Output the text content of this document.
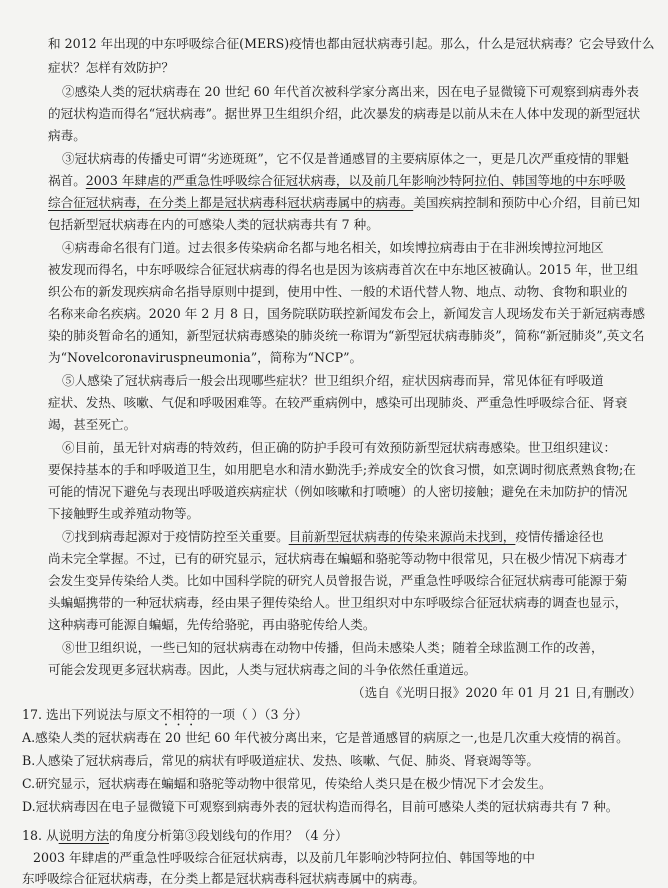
和 2012 年出现的中东呼吸综合征(MERS)疫情也都由冠状病毒引起。那么，什么是冠状病毒？它会导致什么
症状？怎样有效防护？
②感染人类的冠状病毒在 20 世纪 60 年代首次被科学家分离出来，因在电子显微镜下可观察到病毒外表
的冠状构造而得名“冠状病毒”。据世界卫生组织介绍，此次暴发的病毒是以前从未在人体中发现的新型冠状
病毒。
③冠状病毒的传播史可谓“劣迹斑斑”，它不仅是普通感冒的主要病原体之一，更是几次严重疫情的罪魁
祸首。2003 年肆虐的严重急性呼吸综合征冠状病毒，以及前几年影响沙特阿拉伯、韩国等地的中东呼吸
综合征冠状病毒，在分类上都是冠状病毒科冠状病毒属中的病毒。美国疾病控制和预防中心介绍，目前已知
包括新型冠状病毒在内的可感染人类的冠状病毒共有 7 种。
④病毒命名很有门道。过去很多传染病命名都与地名相关，如埃博拉病毒由于在非洲埃博拉河地区
被发现而得名，中东呼吸综合征冠状病毒的得名也是因为该病毒首次在中东地区被确认。2015 年，世卫组
织公布的新发现疾病命名指导原则中提到，使用中性、一般的术语代替人物、地点、动物、食物和职业的
名称来命名疾病。2020 年 2 月 8 日，国务院联防联控新闻发布会上，新闻发言人现场发布关于新冠病毒感
染的肺炎暂命名的通知，新型冠状病毒感染的肺炎统一称谓为“新型冠状病毒肺炎”，简称“新冠肺炎”,英文名
为“Novelcoronaviruspneumonia”，简称为“NCP”。
⑤人感染了冠状病毒后一般会出现哪些症状？世卫组织介绍，症状因病毒而异，常见体征有呼吸道
症状、发热、咳嗽、气促和呼吸困难等。在较严重病例中，感染可出现肺炎、严重急性呼吸综合征、肾衰
竭，甚至死亡。
⑥目前，虽无针对病毒的特效药，但正确的防护手段可有效预防新型冠状病毒感染。世卫组织建议：
要保持基本的手和呼吸道卫生，如用肥皂水和清水勤洗手;养成安全的饮食习惯，如烹调时彻底煮熟食物;在
可能的情况下避免与表现出呼吸道疾病症状（例如咳嗽和打喷嚏）的人密切接触；避免在未加防护的情况
下接触野生或养殖动物等。
⑦找到病毒起源对于疫情防控至关重要。目前新型冠状病毒的传染来源尚未找到，疫情传播途径也
尚未完全掌握。不过，已有的研究显示，冠状病毒在蝙蝠和骆驼等动物中很常见，只在极少情况下病毒才
会发生变异传染给人类。比如中国科学院的研究人员曾报告说，严重急性呼吸综合征冠状病毒可能源于菊
头蝙蝠携带的一种冠状病毒，经由果子狸传染给人。世卫组织对中东呼吸综合征冠状病毒的调查也显示，
这种病毒可能源自蝙蝠，先传给骆驼，再由骆驼传给人类。
⑧世卫组织说，一些已知的冠状病毒在动物中传播，但尚未感染人类；随着全球监测工作的改善，
可能会发现更多冠状病毒。因此，人类与冠状病毒之间的斗争依然任重道远。
（选自《光明日报》2020 年 01 月 21 日,有删改）
17. 选出下列说法与原文不相符的一项（ ）（3 分）
A.感染人类的冠状病毒在 20 世纪 60 年代被分离出来，它是普通感冒的病原之一,也是几次重大疫情的祸首。
B.人感染了冠状病毒后，常见的病状有呼吸道症状、发热、咳嗽、气促、肺炎、肾衰竭等等。
C.研究显示，冠状病毒在蝙蝠和骆驼等动物中很常见，传染给人类只是在极少情况下才会发生。
D.冠状病毒因在电子显微镜下可观察到病毒外表的冠状构造而得名，目前可感染人类的冠状病毒共有 7 种。
18. 从说明方法的角度分析第③段划线句的作用？（4 分）
2003 年肆虐的严重急性呼吸综合征冠状病毒，以及前几年影响沙特阿拉伯、韩国等地的中
东呼吸综合征冠状病毒，在分类上都是冠状病毒科冠状病毒属中的病毒。
